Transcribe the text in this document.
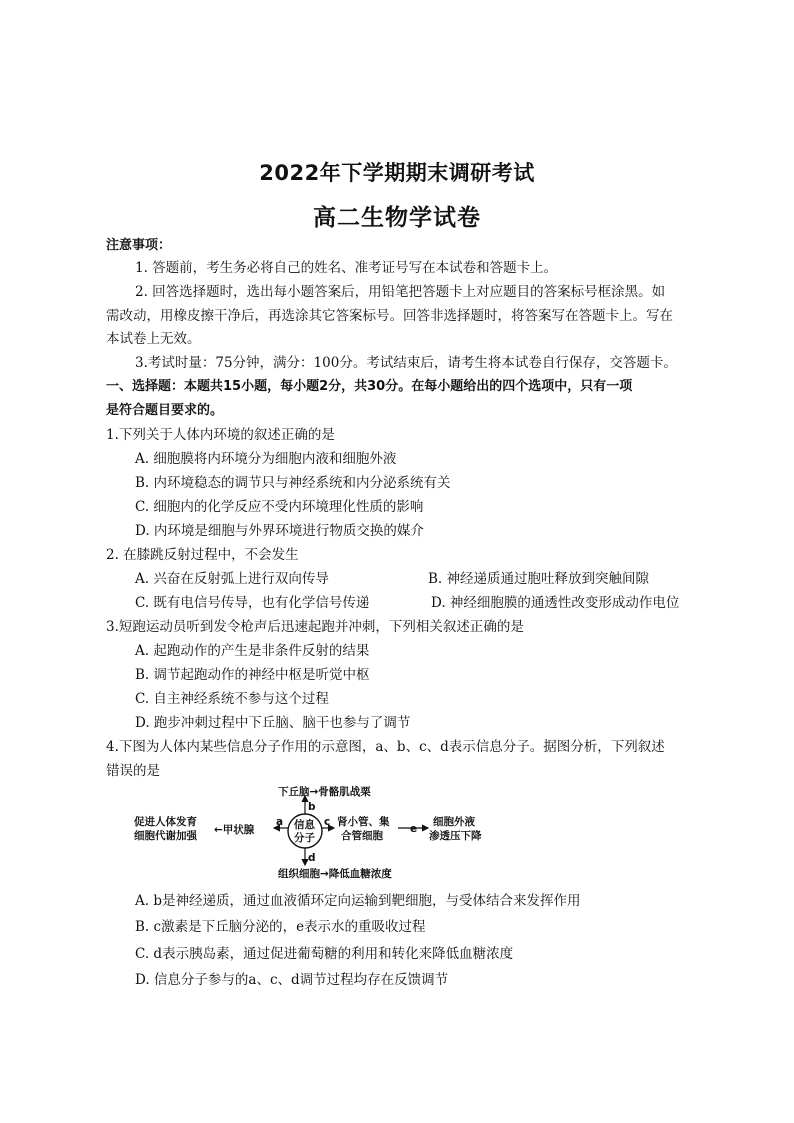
2022年下学期期末调研考试
高二生物学试卷
注意事项：
1. 答题前，考生务必将自己的姓名、准考证号写在本试卷和答题卡上。
2. 回答选择题时，选出每小题答案后，用铅笔把答题卡上对应题目的答案标号框涂黑。如
需改动，用橡皮擦干净后，再选涂其它答案标号。回答非选择题时，将答案写在答题卡上。写在
本试卷上无效。
3.考试时量：75分钟，满分：100分。考试结束后，请考生将本试卷自行保存，交答题卡。
一、选择题：本题共15小题，每小题2分，共30分。在每小题给出的四个选项中，只有一项
是符合题目要求的。
1.下列关于人体内环境的叙述正确的是
A. 细胞膜将内环境分为细胞内液和细胞外液
B. 内环境稳态的调节只与神经系统和内分泌系统有关
C. 细胞内的化学反应不受内环境理化性质的影响
D. 内环境是细胞与外界环境进行物质交换的媒介
2. 在膝跳反射过程中，不会发生
A. 兴奋在反射弧上进行双向传导	B. 神经递质通过胞吐释放到突触间隙
C. 既有电信号传导，也有化学信号传递	D. 神经细胞膜的通透性改变形成动作电位
3.短跑运动员听到发令枪声后迅速起跑并冲刺，下列相关叙述正确的是
A. 起跑动作的产生是非条件反射的结果
B. 调节起跑动作的神经中枢是听觉中枢
C. 自主神经系统不参与这个过程
D. 跑步冲刺过程中下丘脑、脑干也参与了调节
4.下图为人体内某些信息分子作用的示意图，a、b、c、d表示信息分子。据图分析，下列叙述
错误的是
信息
分子
b
下丘脑→骨骼肌战栗
a
←甲状腺
促进人体发育
细胞代谢加强
c 肾小管、集
合管细胞
e
细胞外液
渗透压下降
d
组织细胞→降低血糖浓度
A. b是神经递质，通过血液循环定向运输到靶细胞，与受体结合来发挥作用
B. c激素是下丘脑分泌的，e表示水的重吸收过程
C. d表示胰岛素，通过促进葡萄糖的利用和转化来降低血糖浓度
D. 信息分子参与的a、c、d调节过程均存在反馈调节
